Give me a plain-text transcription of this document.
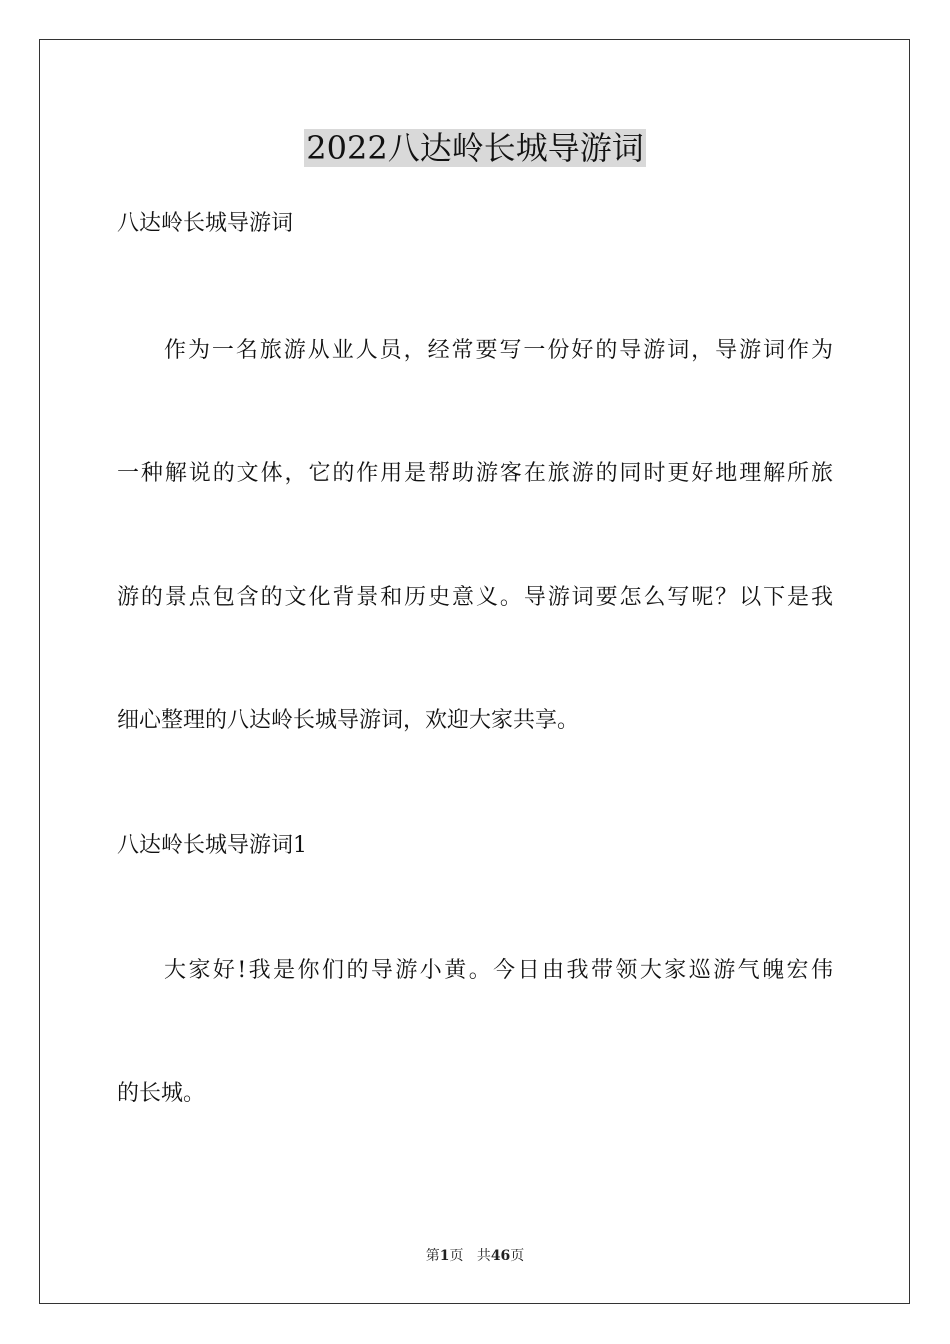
2022八达岭长城导游词
八达岭长城导游词
作为一名旅游从业人员，经常要写一份好的导游词，导游词作为
一种解说的文体，它的作用是帮助游客在旅游的同时更好地理解所旅
游的景点包含的文化背景和历史意义。导游词要怎么写呢？以下是我
细心整理的八达岭长城导游词，欢迎大家共享。
八达岭长城导游词1
大家好!我是你们的导游小黄。今日由我带领大家巡游气魄宏伟
的长城。
第1页 共46页
